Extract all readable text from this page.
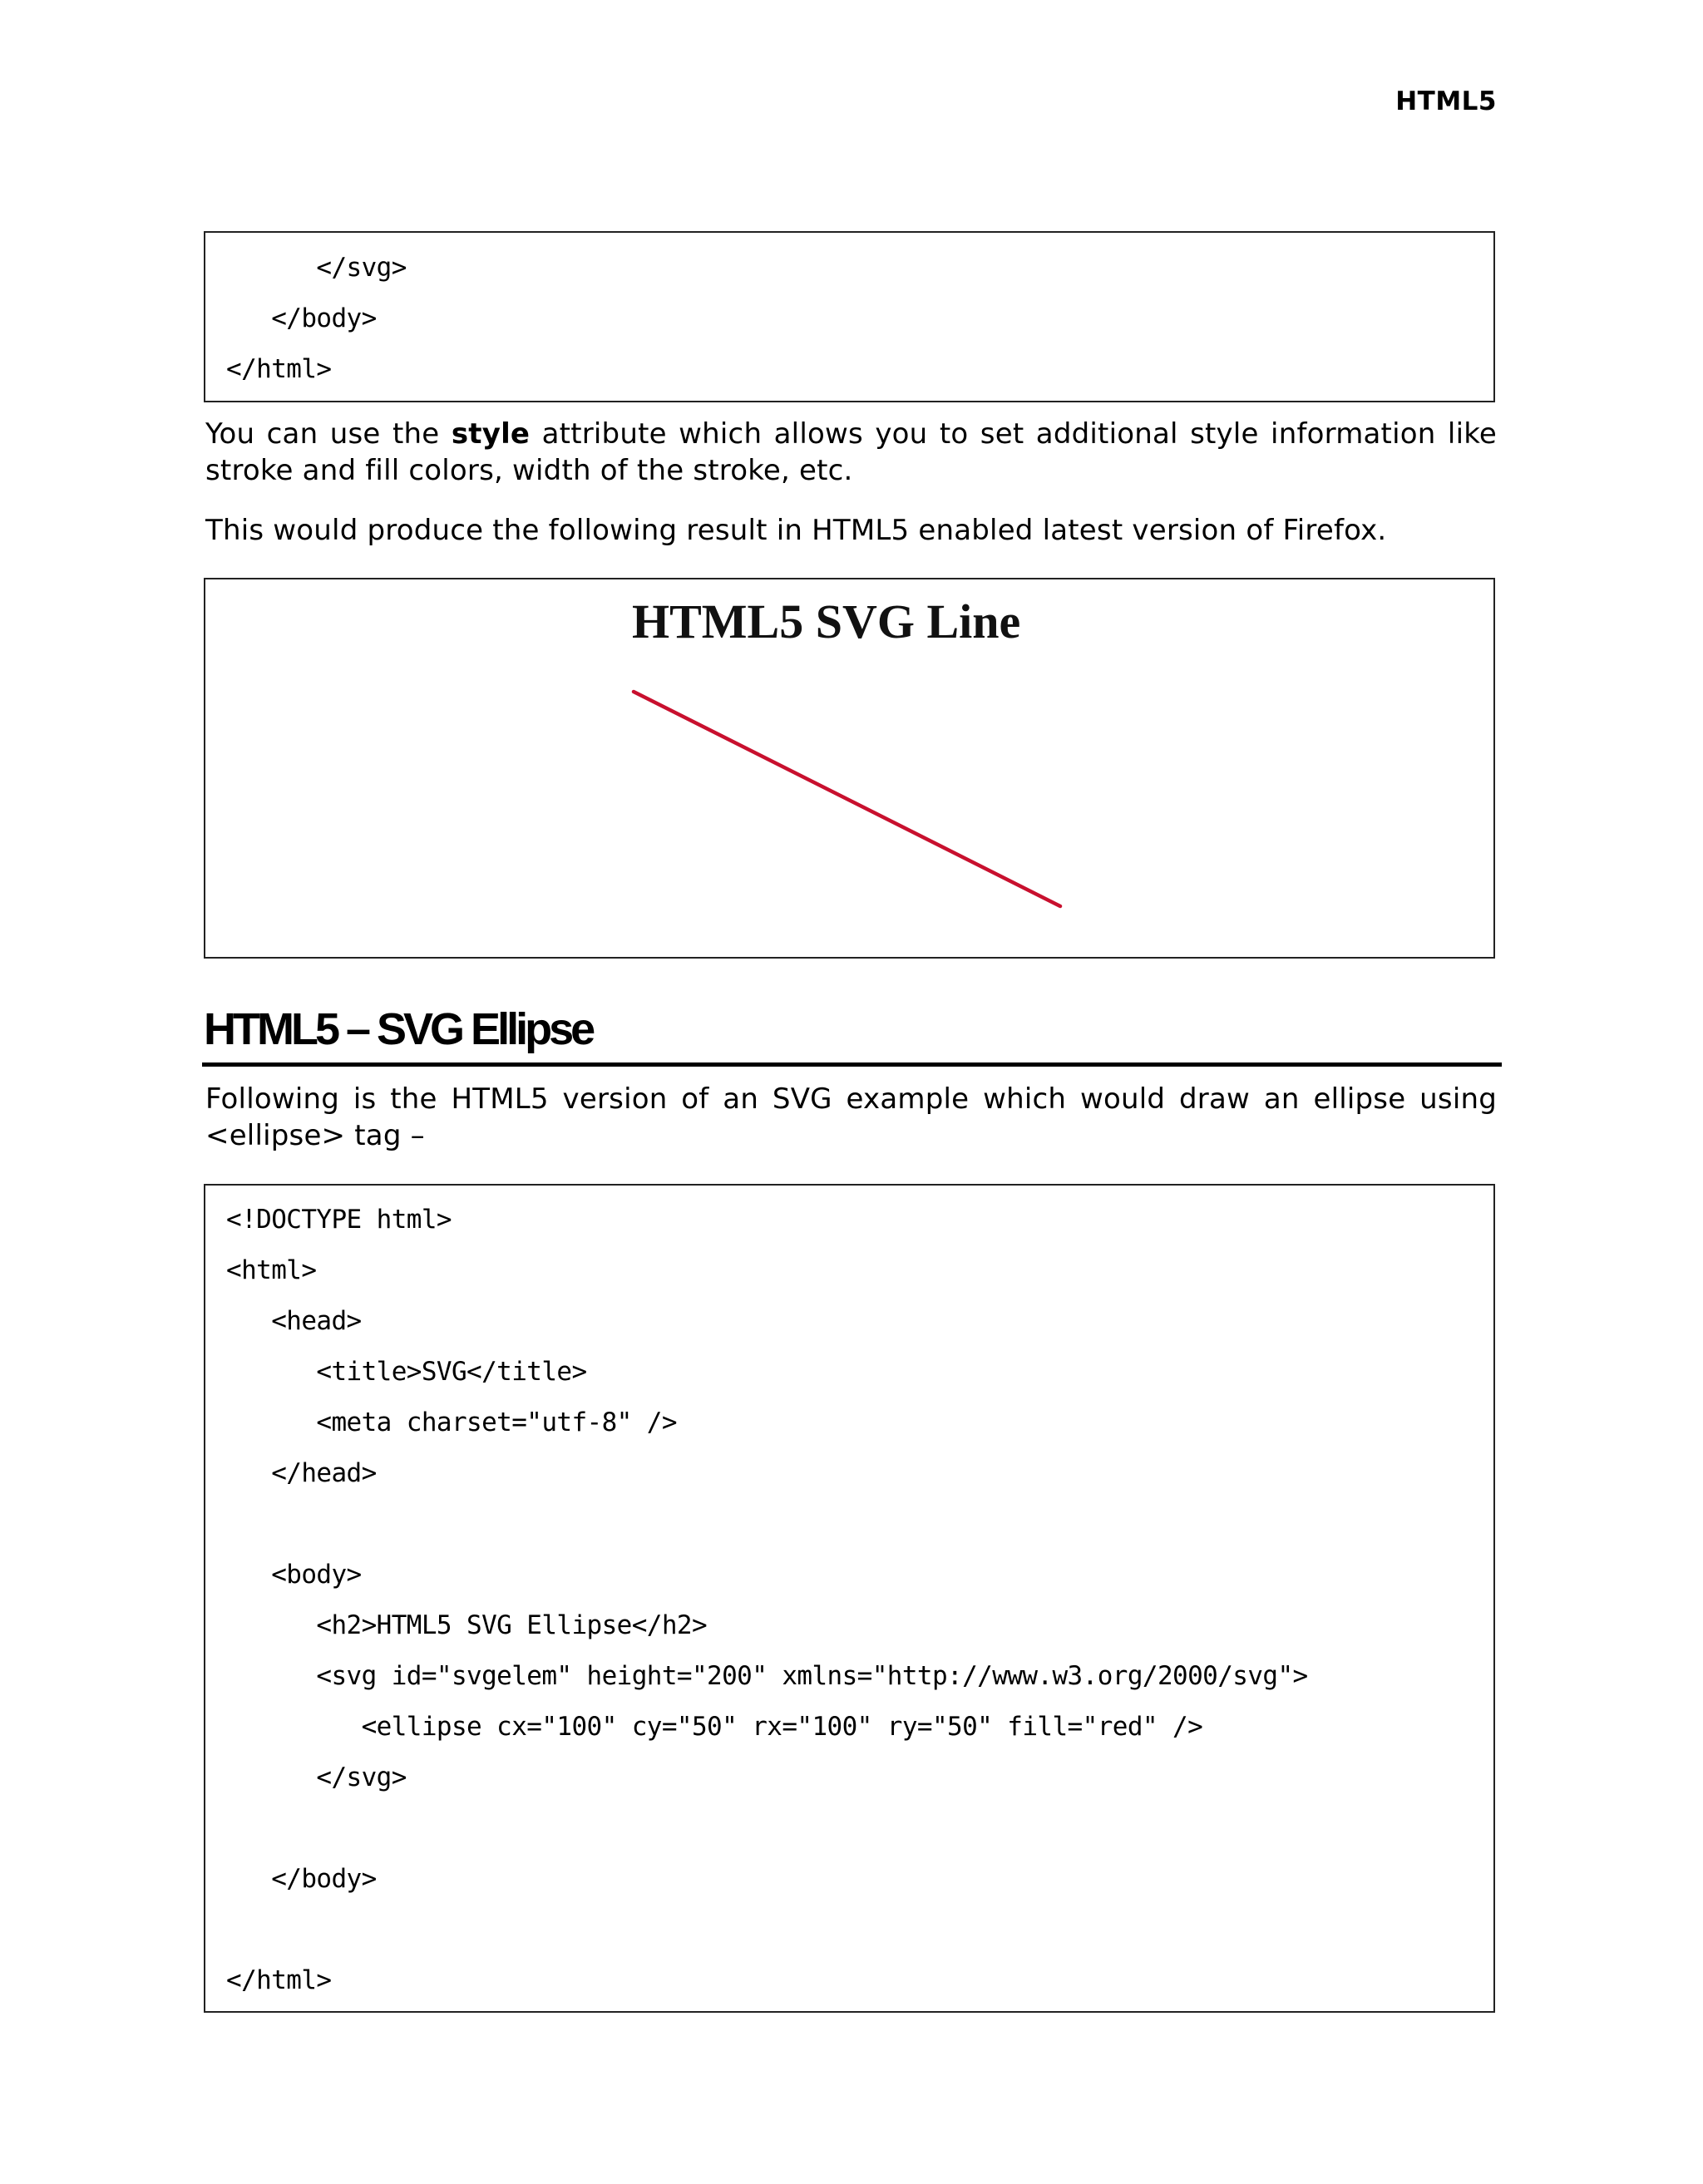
HTML5
</svg>
</body>
</html>

You can use the style attribute which allows you to set additional style information like stroke and fill colors, width of the stroke, etc.

This would produce the following result in HTML5 enabled latest version of Firefox.

HTML5 SVG Line
HTML5 – SVG Ellipse

Following is the HTML5 version of an SVG example which would draw an ellipse using <ellipse> tag –

<!DOCTYPE html>
<html>
<head>
<title>SVG</title>
<meta charset="utf-8" />
</head>
<body>
<h2>HTML5 SVG Ellipse</h2>
<svg id="svgelem" height="200" xmlns="http://www.w3.org/2000/svg">
<ellipse cx="100" cy="50" rx="100" ry="50" fill="red" />
</svg>
</body>
</html>
